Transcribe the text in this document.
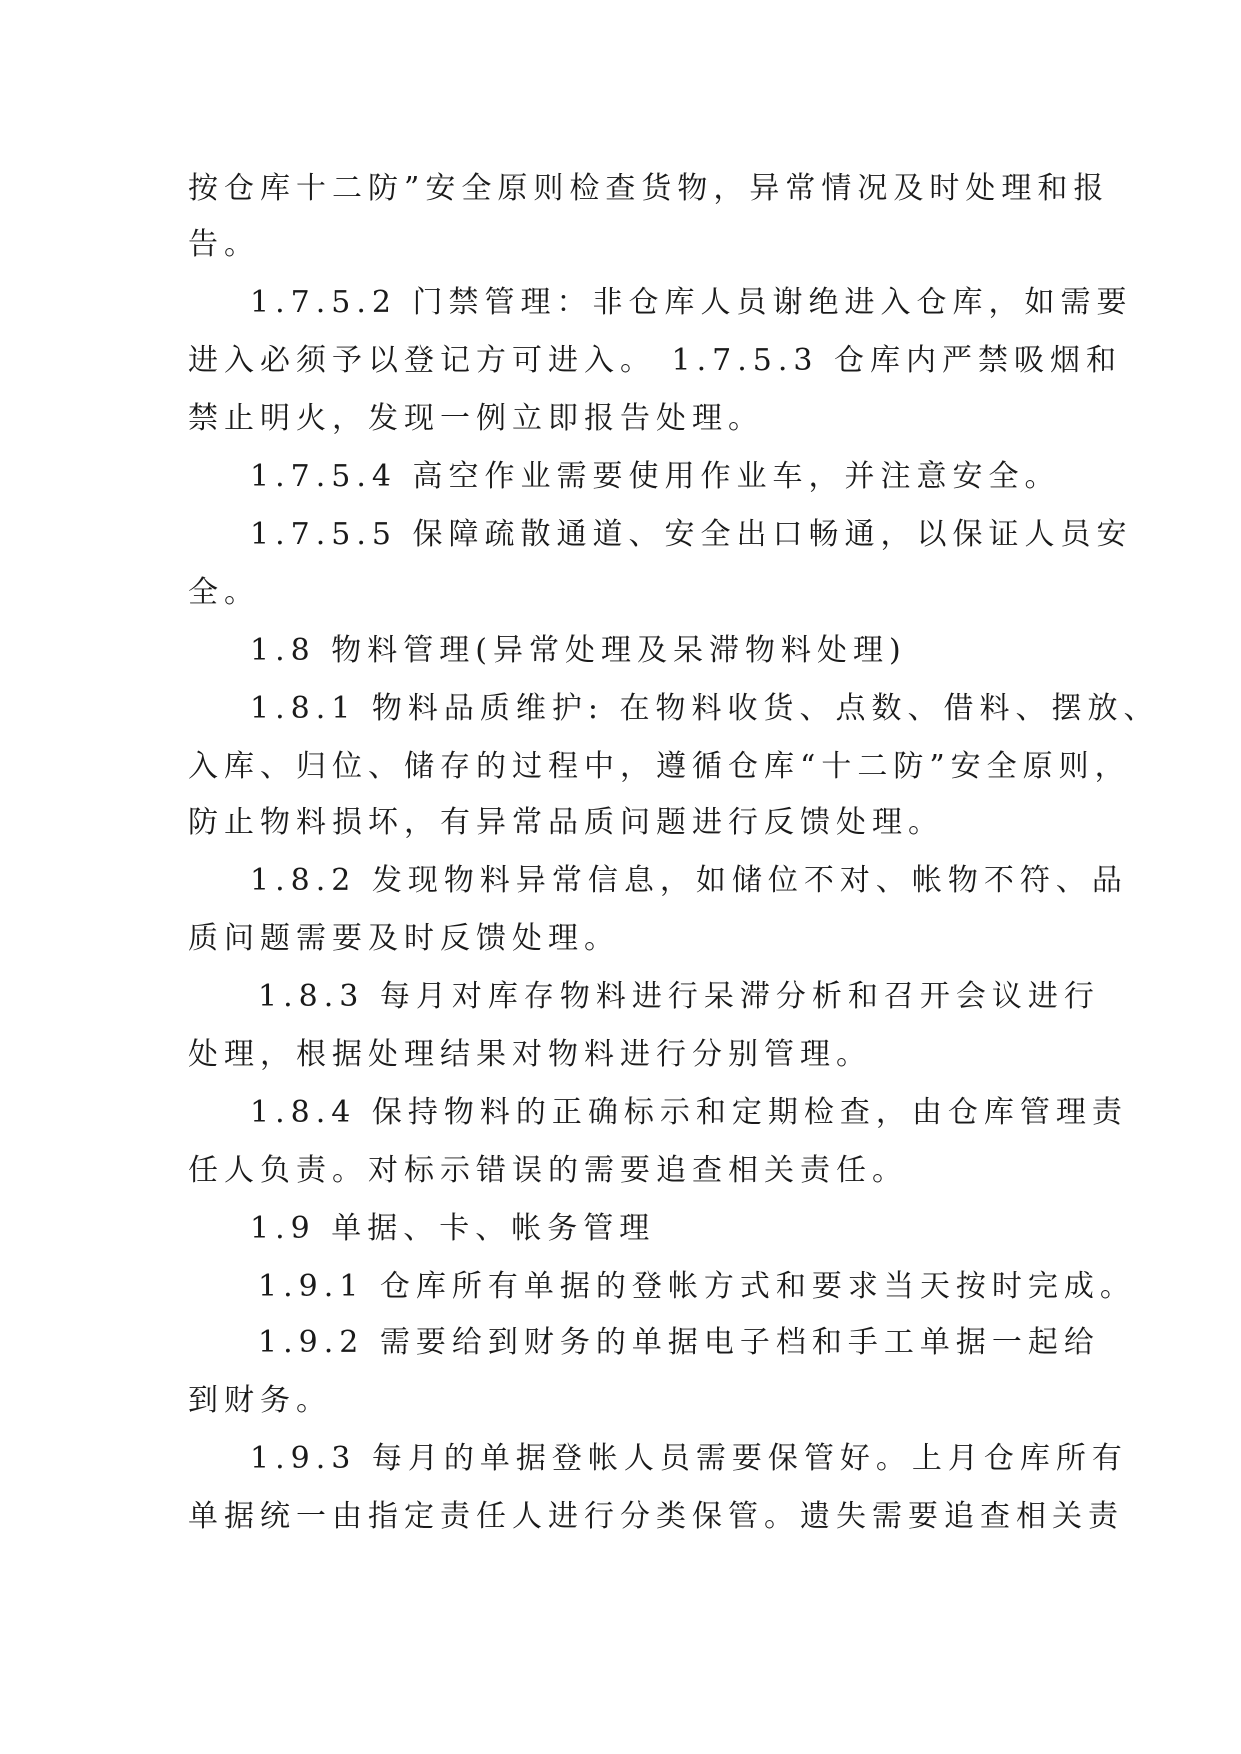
按仓库十二防”安全原则检查货物，异常情况及时处理和报
告。
1.7.5.2 门禁管理：非仓库人员谢绝进入仓库，如需要
进入必须予以登记方可进入。 1.7.5.3 仓库内严禁吸烟和
禁止明火，发现一例立即报告处理。
1.7.5.4 高空作业需要使用作业车，并注意安全。
1.7.5.5 保障疏散通道、安全出口畅通，以保证人员安
全。
1.8 物料管理(异常处理及呆滞物料处理)
1.8.1 物料品质维护: 在物料收货、点数、借料、摆放、
入库、归位、储存的过程中，遵循仓库“十二防”安全原则，
防止物料损坏，有异常品质问题进行反馈处理。
1.8.2 发现物料异常信息，如储位不对、帐物不符、品
质问题需要及时反馈处理。
1.8.3 每月对库存物料进行呆滞分析和召开会议进行
处理，根据处理结果对物料进行分别管理。
1.8.4 保持物料的正确标示和定期检查，由仓库管理责
任人负责。对标示错误的需要追查相关责任。
1.9 单据、卡、帐务管理
1.9.1 仓库所有单据的登帐方式和要求当天按时完成。
1.9.2 需要给到财务的单据电子档和手工单据一起给
到财务。
1.9.3 每月的单据登帐人员需要保管好。上月仓库所有
单据统一由指定责任人进行分类保管。遗失需要追查相关责
